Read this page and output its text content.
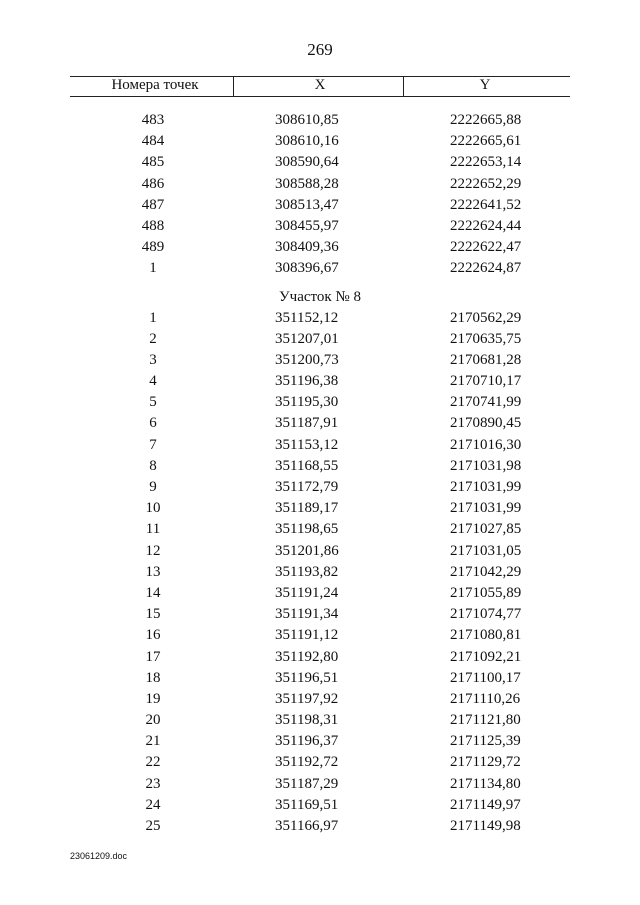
269
Номера точек	X	Y
483	308610,85	2222665,88
484	308610,16	2222665,61
485	308590,64	2222653,14
486	308588,28	2222652,29
487	308513,47	2222641,52
488	308455,97	2222624,44
489	308409,36	2222622,47
1	308396,67	2222624,87
Участок № 8
1	351152,12	2170562,29
2	351207,01	2170635,75
3	351200,73	2170681,28
4	351196,38	2170710,17
5	351195,30	2170741,99
6	351187,91	2170890,45
7	351153,12	2171016,30
8	351168,55	2171031,98
9	351172,79	2171031,99
10	351189,17	2171031,99
11	351198,65	2171027,85
12	351201,86	2171031,05
13	351193,82	2171042,29
14	351191,24	2171055,89
15	351191,34	2171074,77
16	351191,12	2171080,81
17	351192,80	2171092,21
18	351196,51	2171100,17
19	351197,92	2171110,26
20	351198,31	2171121,80
21	351196,37	2171125,39
22	351192,72	2171129,72
23	351187,29	2171134,80
24	351169,51	2171149,97
25	351166,97	2171149,98
23061209.doc
